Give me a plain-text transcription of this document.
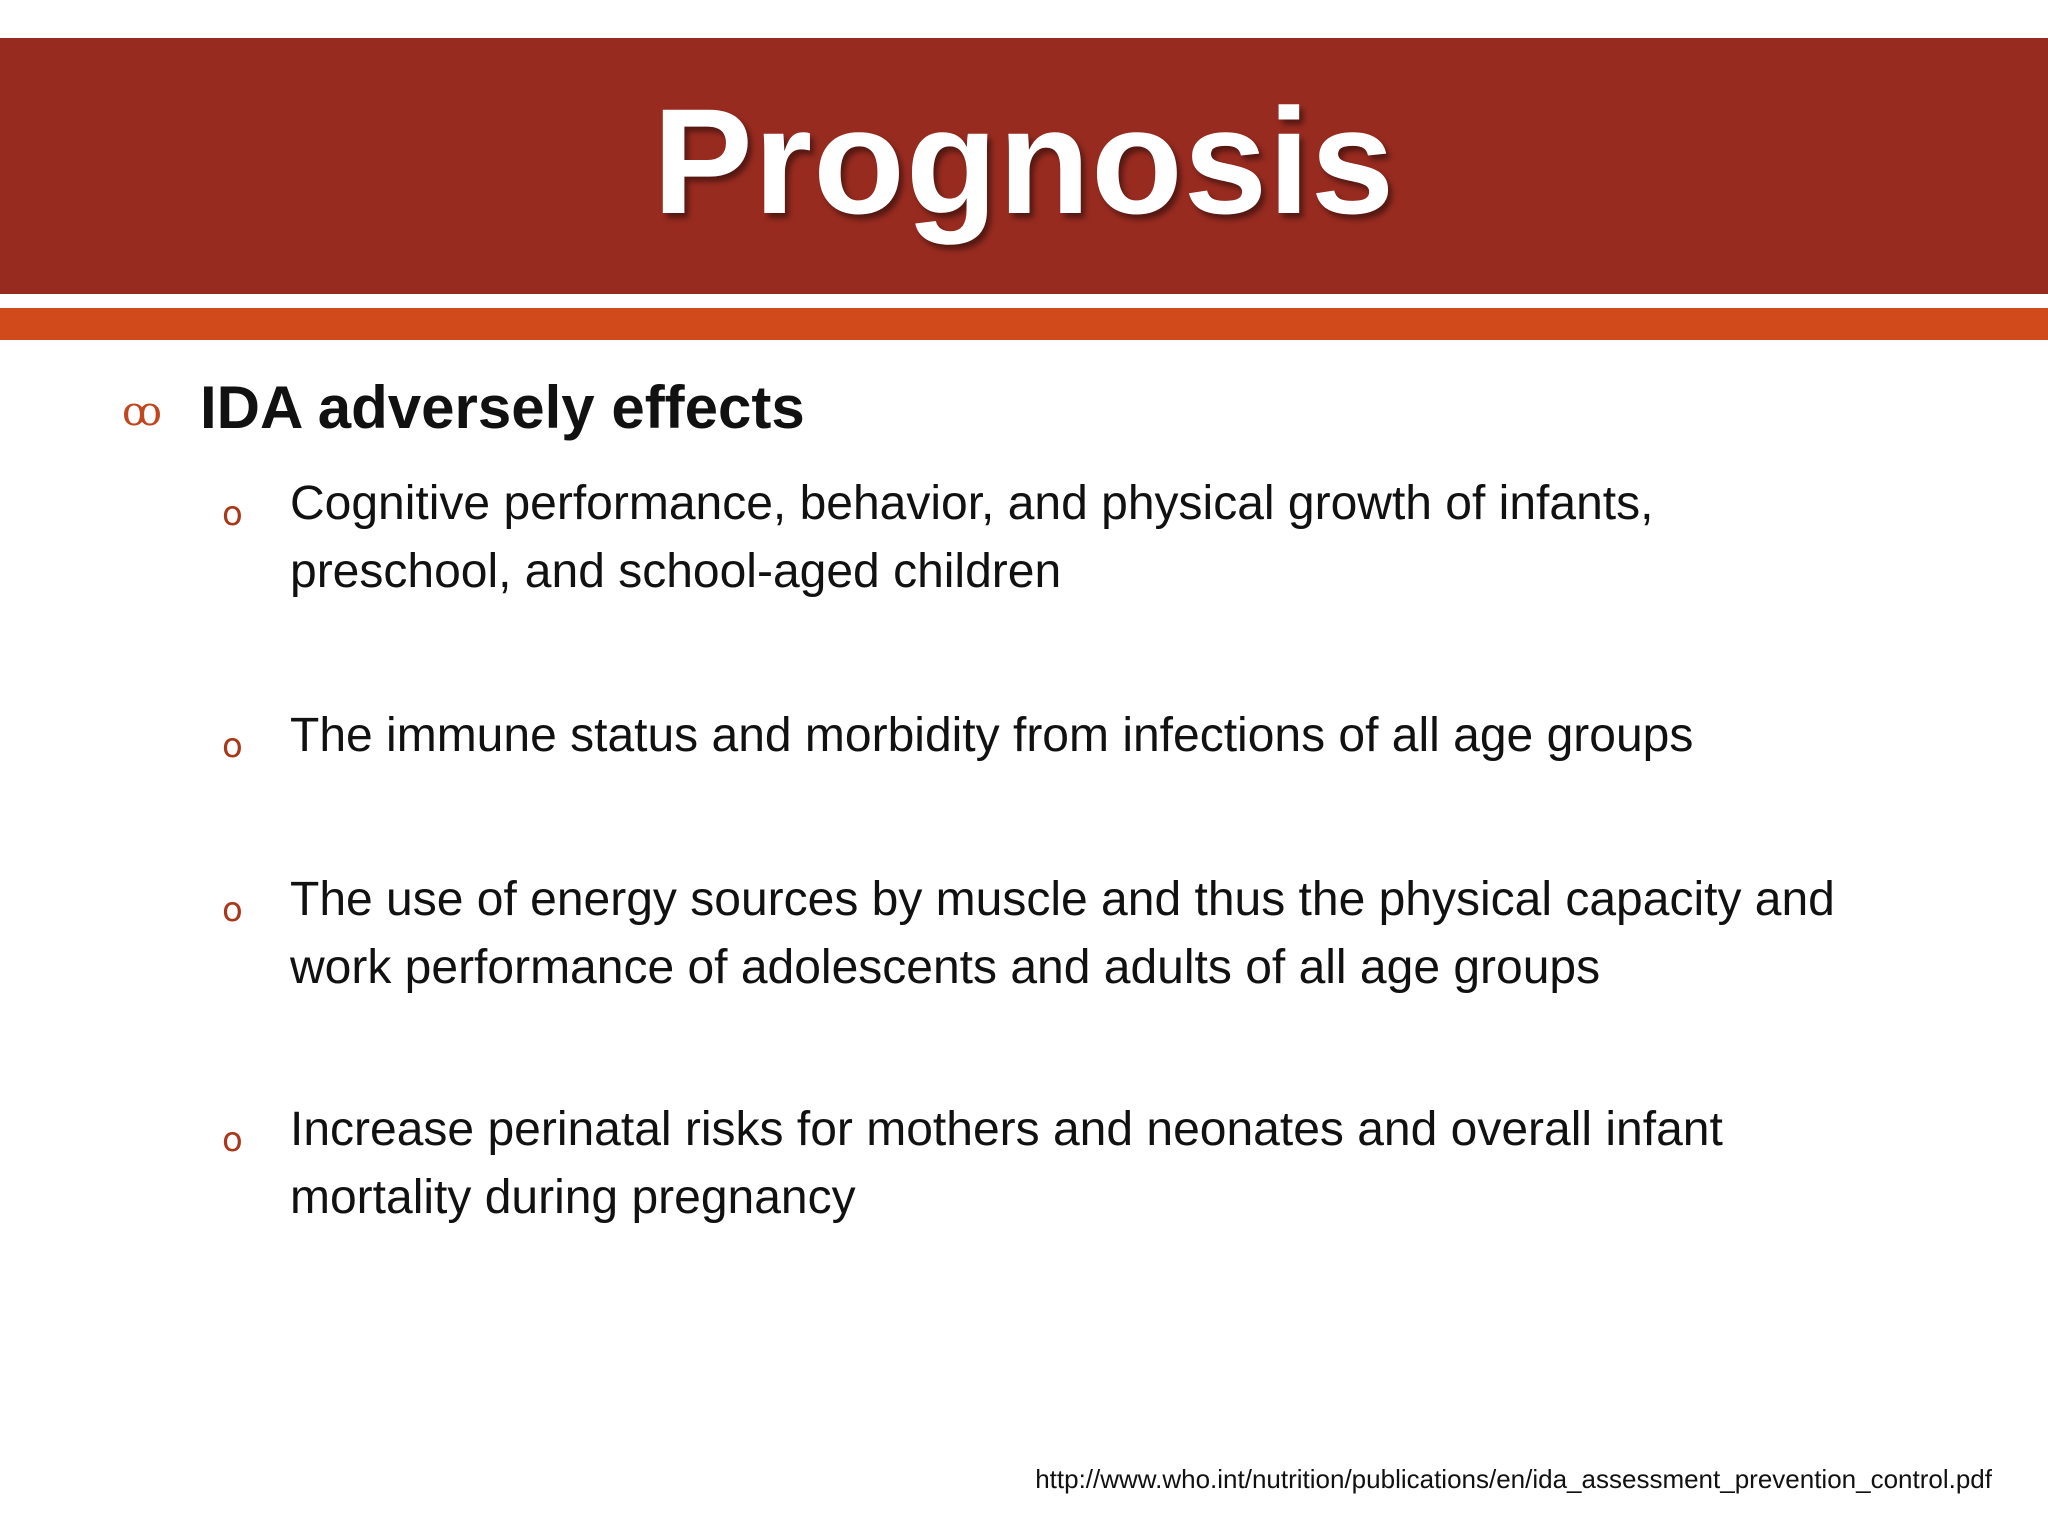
Prognosis
ꝏ IDA adversely effects
o Cognitive performance, behavior, and physical growth of infants, preschool, and school-aged children
o The immune status and morbidity from infections of all age groups
o The use of energy sources by muscle and thus the physical capacity and work performance of adolescents and adults of all age groups
o Increase perinatal risks for mothers and neonates and overall infant mortality during pregnancy
http://www.who.int/nutrition/publications/en/ida_assessment_prevention_control.pdf
